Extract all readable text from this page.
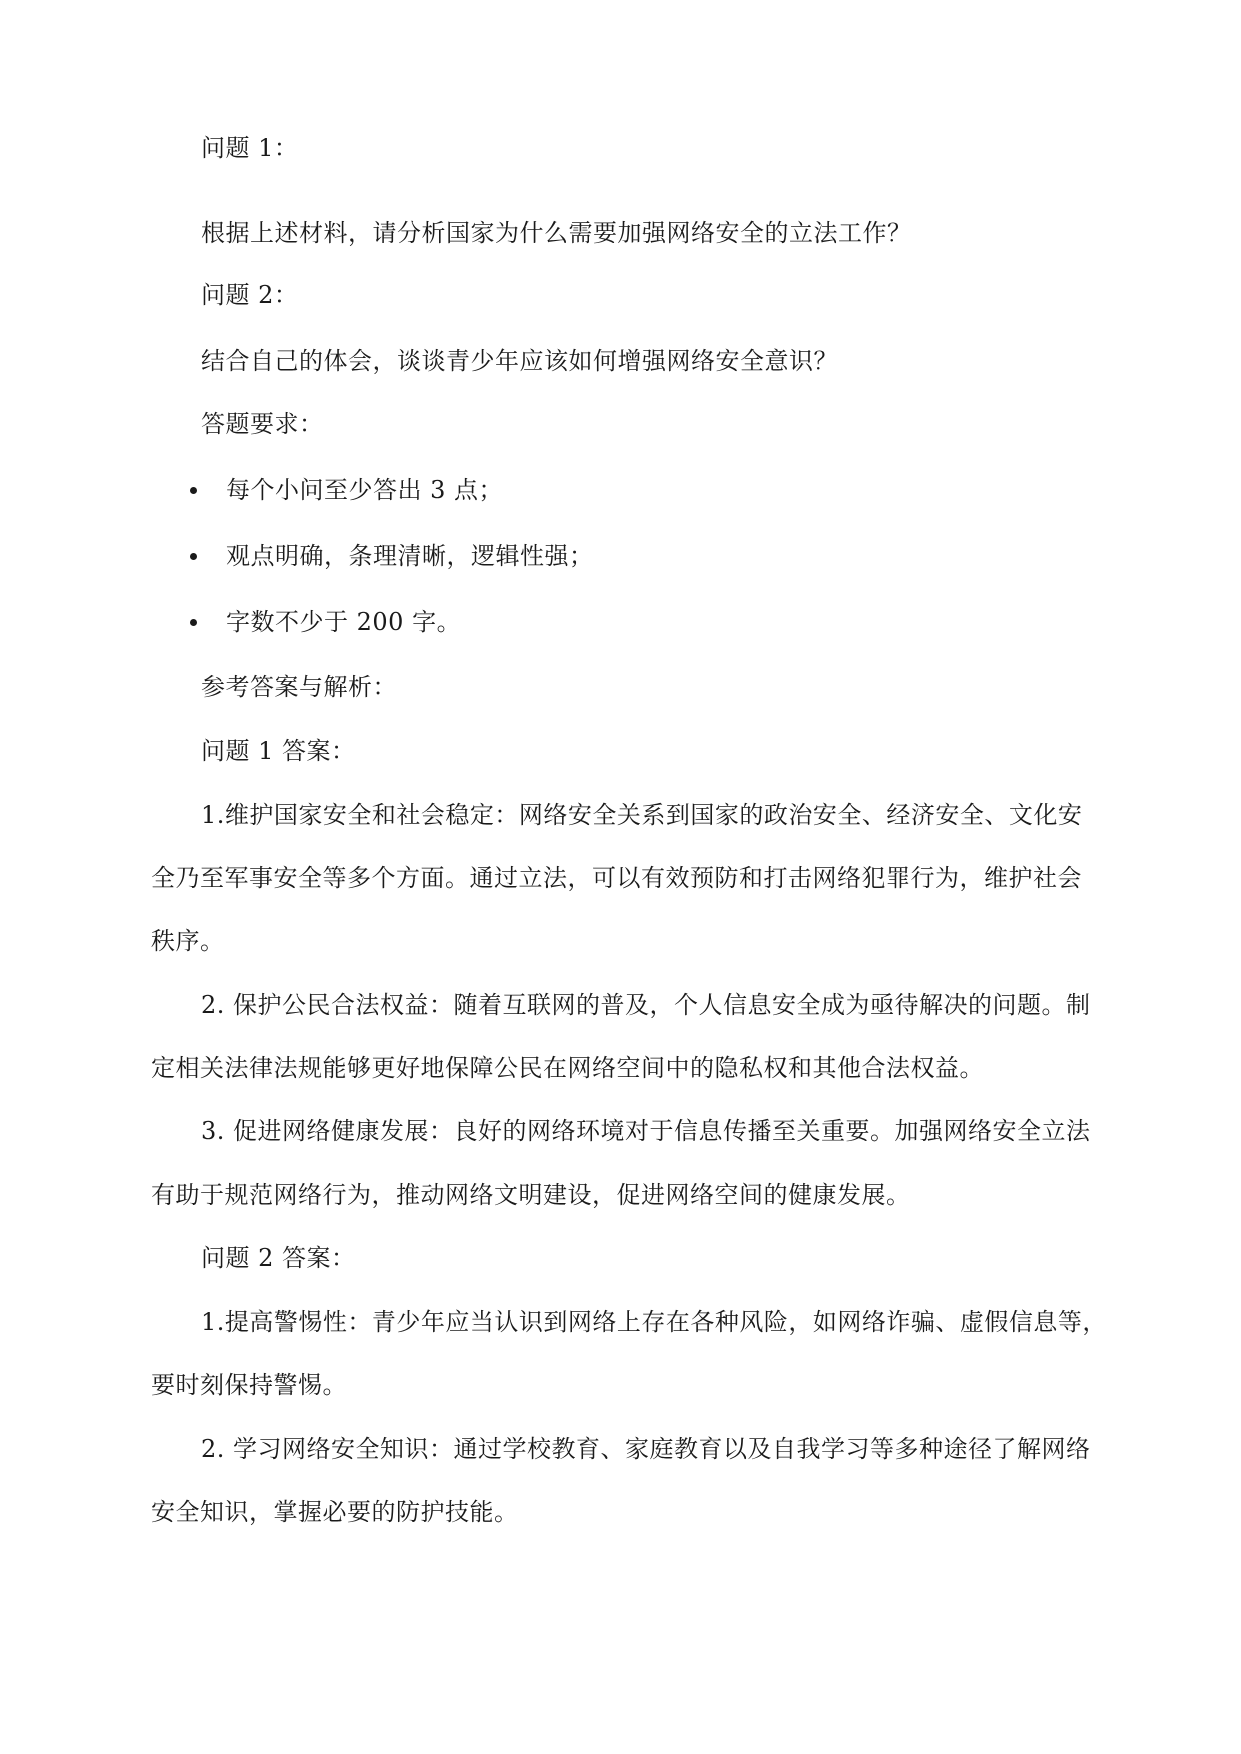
问题 1：
根据上述材料，请分析国家为什么需要加强网络安全的立法工作？
问题 2：
结合自己的体会，谈谈青少年应该如何增强网络安全意识？
答题要求：
每个小问至少答出 3 点；
观点明确，条理清晰，逻辑性强；
字数不少于 200 字。
参考答案与解析：
问题 1 答案：
1.维护国家安全和社会稳定：网络安全关系到国家的政治安全、经济安全、文化安
全乃至军事安全等多个方面。通过立法，可以有效预防和打击网络犯罪行为，维护社会
秩序。
2. 保护公民合法权益：随着互联网的普及，个人信息安全成为亟待解决的问题。制
定相关法律法规能够更好地保障公民在网络空间中的隐私权和其他合法权益。
3. 促进网络健康发展：良好的网络环境对于信息传播至关重要。加强网络安全立法
有助于规范网络行为，推动网络文明建设，促进网络空间的健康发展。
问题 2 答案：
1.提高警惕性：青少年应当认识到网络上存在各种风险，如网络诈骗、虚假信息等，
要时刻保持警惕。
2. 学习网络安全知识：通过学校教育、家庭教育以及自我学习等多种途径了解网络
安全知识，掌握必要的防护技能。
